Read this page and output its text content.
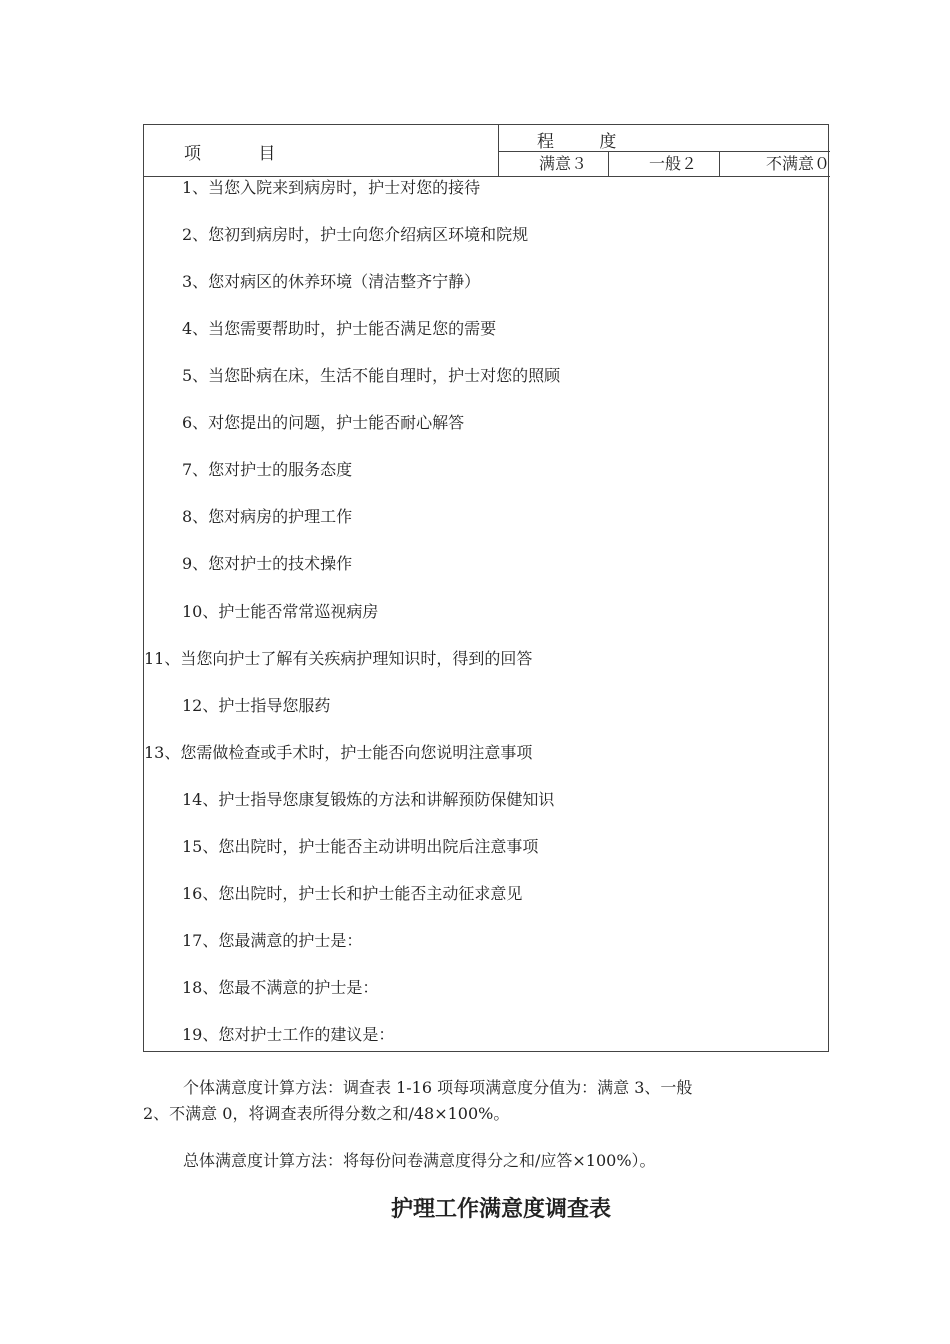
项 目
程 度
满意３	一般２	不满意０
1、当您入院来到病房时，护士对您的接待
2、您初到病房时，护士向您介绍病区环境和院规
3、您对病区的休养环境（清洁整齐宁静）
4、当您需要帮助时，护士能否满足您的需要
5、当您卧病在床，生活不能自理时，护士对您的照顾
6、对您提出的问题，护士能否耐心解答
7、您对护士的服务态度
8、您对病房的护理工作
9、您对护士的技术操作
10、护士能否常常巡视病房
11、当您向护士了解有关疾病护理知识时，得到的回答
12、护士指导您服药
13、您需做检查或手术时，护士能否向您说明注意事项
14、护士指导您康复锻炼的方法和讲解预防保健知识
15、您出院时，护士能否主动讲明出院后注意事项
16、您出院时，护士长和护士能否主动征求意见
17、您最满意的护士是：
18、您最不满意的护士是：
19、您对护士工作的建议是：
个体满意度计算方法：调查表 1-16 项每项满意度分值为：满意 3、一般
2、不满意 0，将调查表所得分数之和/48×100%。
总体满意度计算方法：将每份问卷满意度得分之和/应答×100%）。
护理工作满意度调查表
